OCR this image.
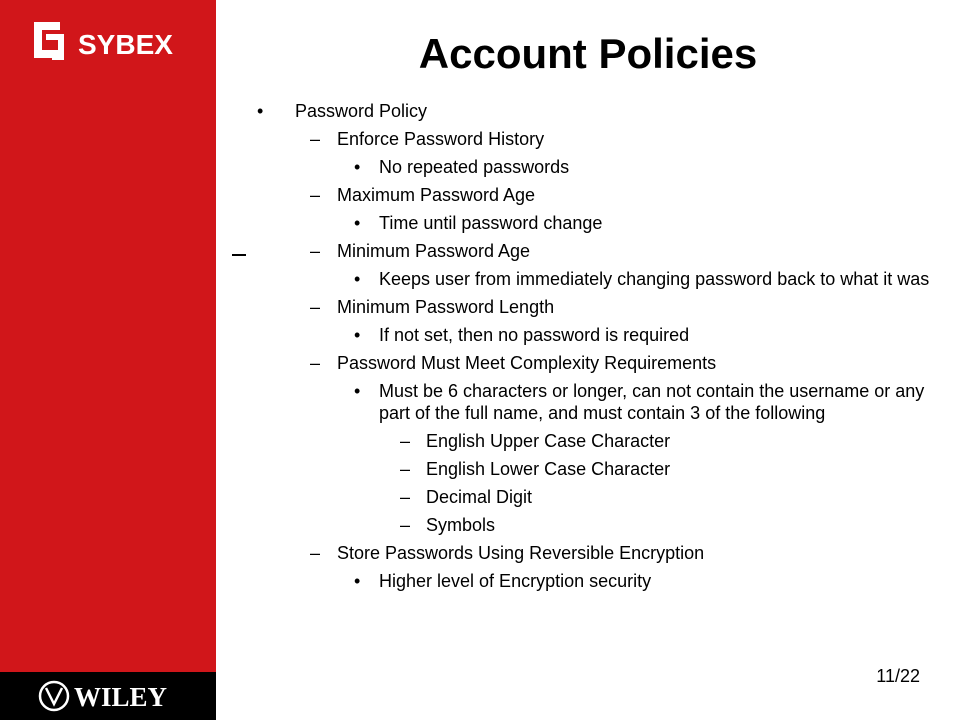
SYBEX
WILEY
Account Policies
• Password Policy
– Enforce Password History
• No repeated passwords
– Maximum Password Age
• Time until password change
– Minimum Password Age
• Keeps user from immediately changing password back to what it was
– Minimum Password Length
• If not set, then no password is required
– Password Must Meet Complexity Requirements
• Must be 6 characters or longer, can not contain the username or any part of the full name, and must contain 3 of the following
– English Upper Case Character
– English Lower Case Character
– Decimal Digit
– Symbols
– Store Passwords Using Reversible Encryption
• Higher level of Encryption security
11/22
